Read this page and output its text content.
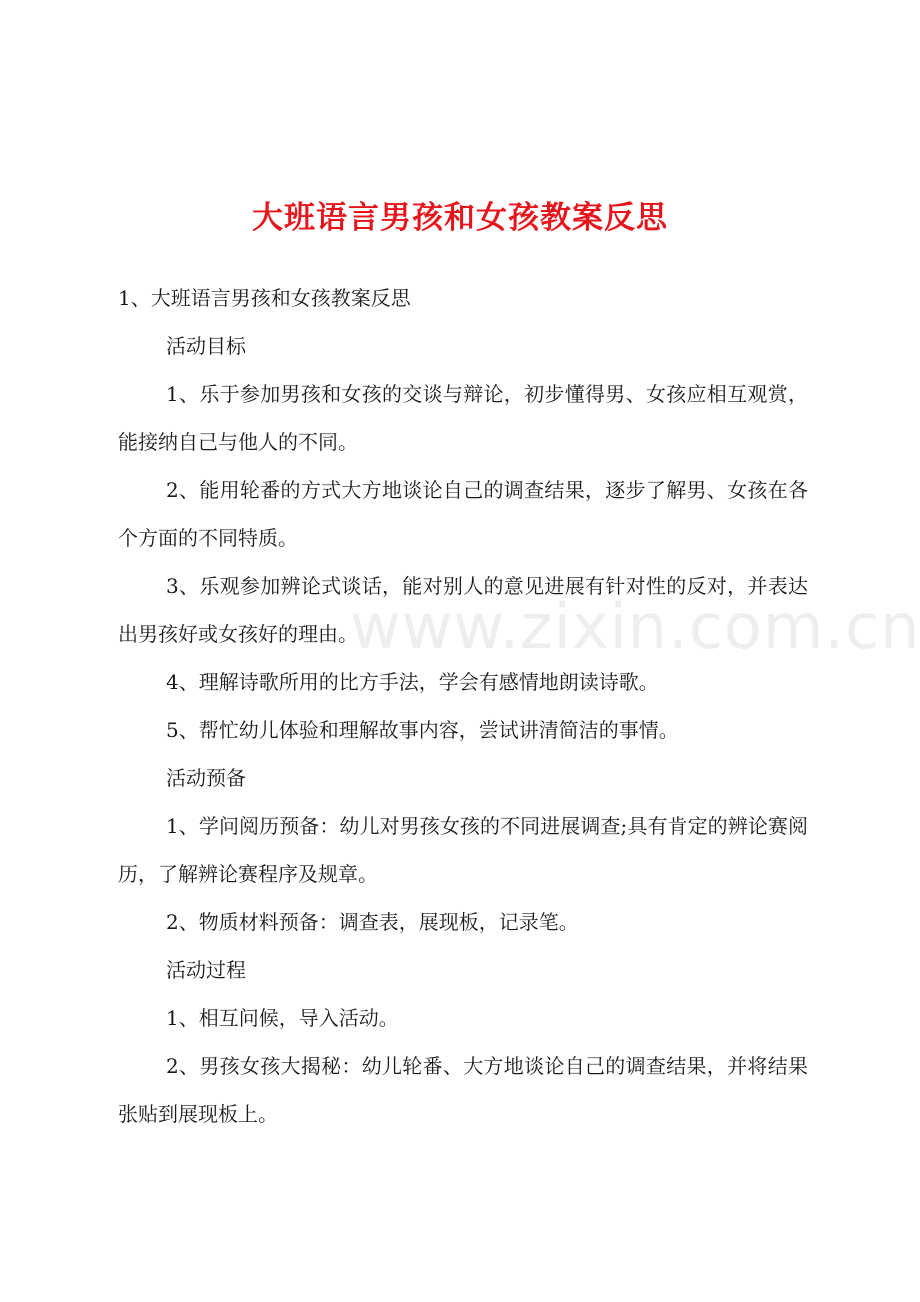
大班语言男孩和女孩教案反思

1、大班语言男孩和女孩教案反思

活动目标

1、乐于参加男孩和女孩的交谈与辩论，初步懂得男、女孩应相互观赏，能接纳自己与他人的不同。

2、能用轮番的方式大方地谈论自己的调查结果，逐步了解男、女孩在各个方面的不同特质。

3、乐观参加辨论式谈话，能对别人的意见进展有针对性的反对，并表达出男孩好或女孩好的理由。

4、理解诗歌所用的比方手法，学会有感情地朗读诗歌。

5、帮忙幼儿体验和理解故事内容，尝试讲清简洁的事情。

活动预备

1、学问阅历预备：幼儿对男孩女孩的不同进展调查;具有肯定的辨论赛阅历，了解辨论赛程序及规章。

2、物质材料预备：调查表，展现板，记录笔。

活动过程

1、相互问候，导入活动。

2、男孩女孩大揭秘：幼儿轮番、大方地谈论自己的调查结果，并将结果张贴到展现板上。

www.zixin.com.cn
